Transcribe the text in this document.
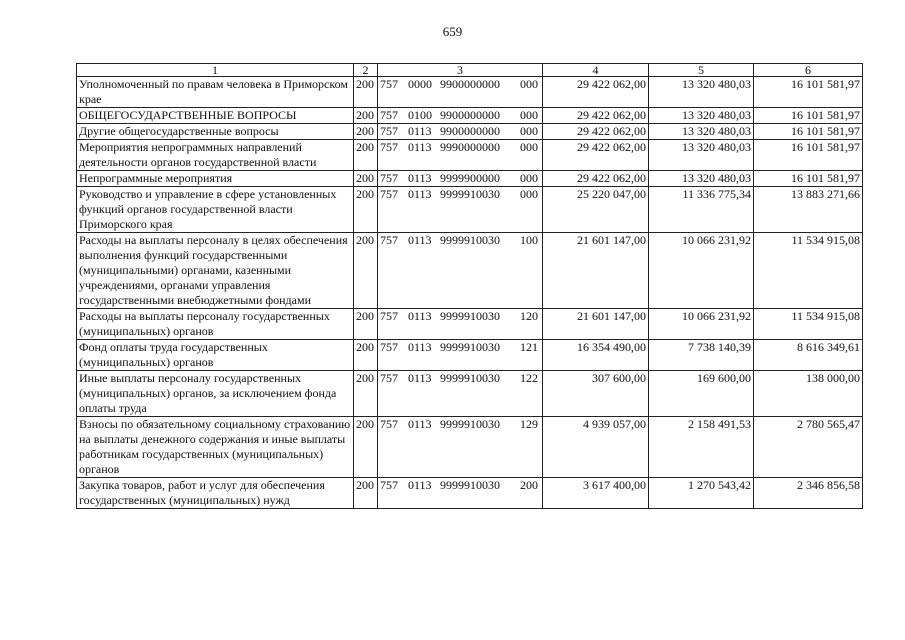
659
1	2	3	4	5	6
Уполномоченный по правам человека в Приморском крае	200	757 0000 9900000000 000	29 422 062,00	13 320 480,03	16 101 581,97
ОБЩЕГОСУДАРСТВЕННЫЕ ВОПРОСЫ	200	757 0100 9900000000 000	29 422 062,00	13 320 480,03	16 101 581,97
Другие общегосударственные вопросы	200	757 0113 9900000000 000	29 422 062,00	13 320 480,03	16 101 581,97
Мероприятия непрограммных направлений деятельности органов государственной власти	200	757 0113 9990000000 000	29 422 062,00	13 320 480,03	16 101 581,97
Непрограммные мероприятия	200	757 0113 9999900000 000	29 422 062,00	13 320 480,03	16 101 581,97
Руководство и управление в сфере установленных функций органов государственной власти Приморского края	200	757 0113 9999910030 000	25 220 047,00	11 336 775,34	13 883 271,66
Расходы на выплаты персоналу в целях обеспечения выполнения функций государственными (муниципальными) органами, казенными учреждениями, органами управления государственными внебюджетными фондами	200	757 0113 9999910030 100	21 601 147,00	10 066 231,92	11 534 915,08
Расходы на выплаты персоналу государственных (муниципальных) органов	200	757 0113 9999910030 120	21 601 147,00	10 066 231,92	11 534 915,08
Фонд оплаты труда государственных (муниципальных) органов	200	757 0113 9999910030 121	16 354 490,00	7 738 140,39	8 616 349,61
Иные выплаты персоналу государственных (муниципальных) органов, за исключением фонда оплаты труда	200	757 0113 9999910030 122	307 600,00	169 600,00	138 000,00
Взносы по обязательному социальному страхованию на выплаты денежного содержания и иные выплаты работникам государственных (муниципальных) органов	200	757 0113 9999910030 129	4 939 057,00	2 158 491,53	2 780 565,47
Закупка товаров, работ и услуг для обеспечения государственных (муниципальных) нужд	200	757 0113 9999910030 200	3 617 400,00	1 270 543,42	2 346 856,58
